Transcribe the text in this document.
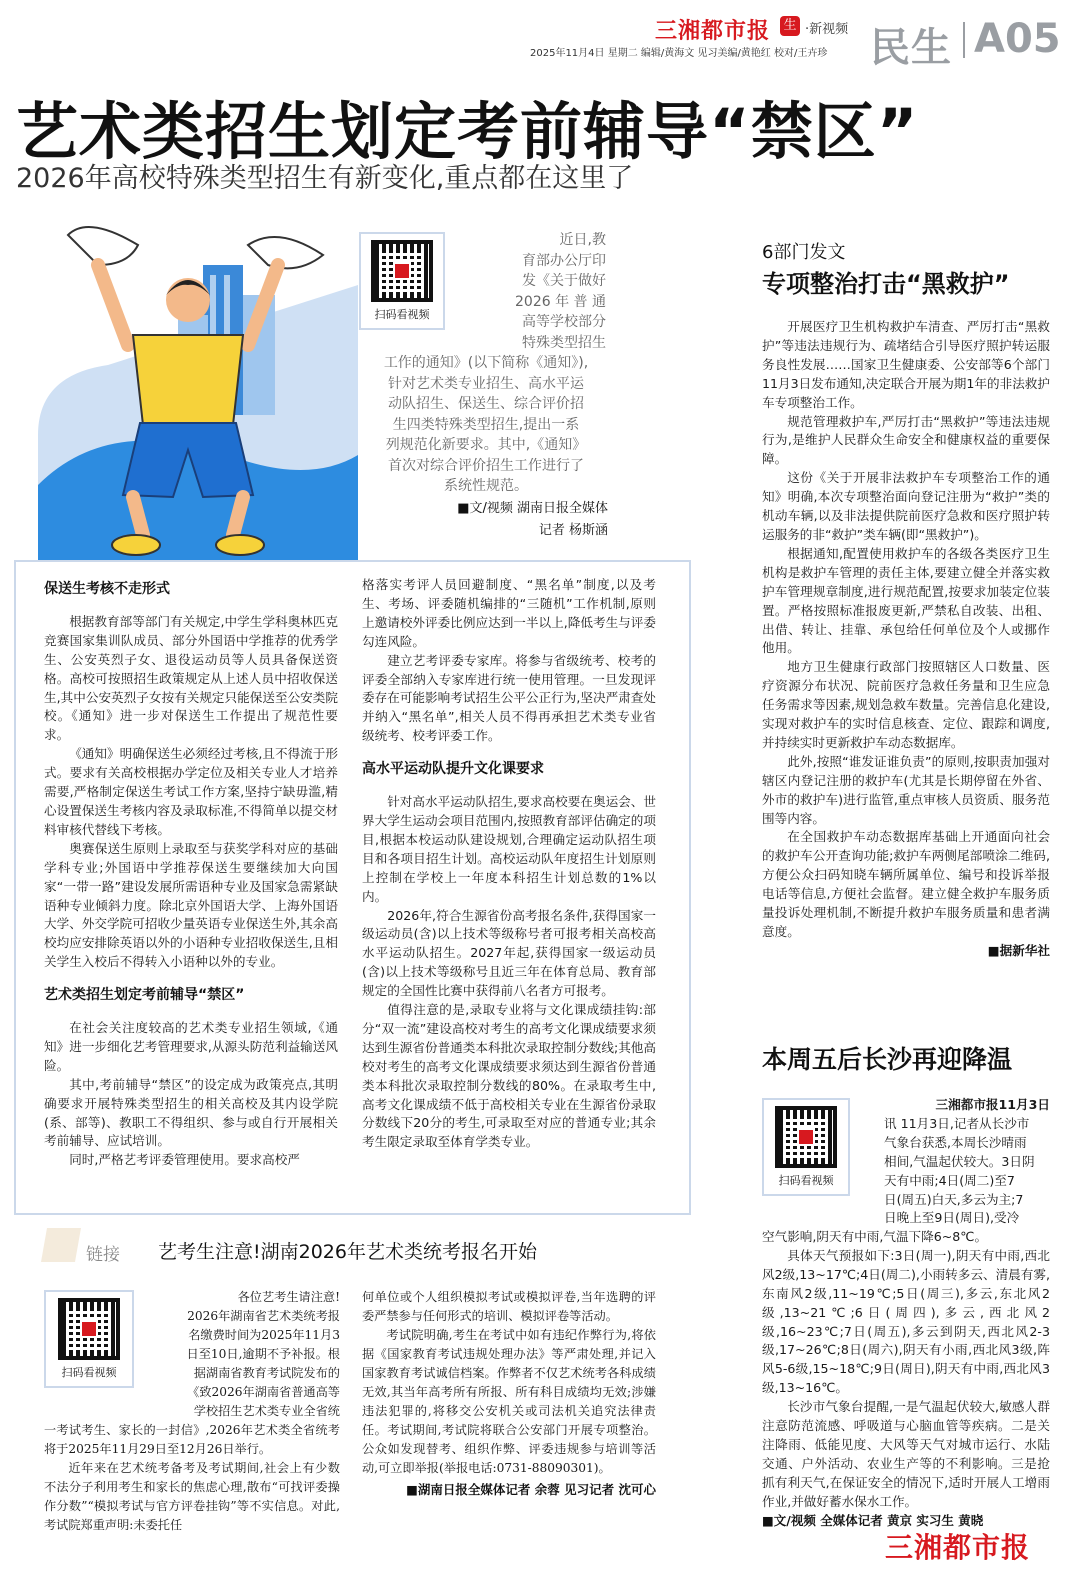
三湘都市报 生 ·新视频
2025年11月4日 星期二 编辑/黄海文 见习美编/黄艳红 校对/王卉珍 民生 A05
艺术类招生划定考前辅导“禁区”
2026年高校特殊类型招生有新变化,重点都在这里了
扫码看视频
近日,教
育部办公厅印
发《关于做好
2026 年 普 通
高等学校部分
特殊类型招生
工作的通知》(以下简称《通知》),
针对艺术类专业招生、高水平运
动队招生、保送生、综合评价招
生四类特殊类型招生,提出一系
列规范化新要求。其中,《通知》
首次对综合评价招生工作进行了
系统性规范。
■文/视频 湖南日报全媒体
记者 杨斯涵
保送生考核不走形式

根据教育部等部门有关规定,中学生学科奥林匹克竞赛国家集训队成员、部分外国语中学推荐的优秀学生、公安英烈子女、退役运动员等人员具备保送资格。高校可按照招生政策规定从上述人员中招收保送生,其中公安英烈子女按有关规定只能保送至公安类院校。《通知》进一步对保送生工作提出了规范性要求。

《通知》明确保送生必须经过考核,且不得流于形式。要求有关高校根据办学定位及相关专业人才培养需要,严格制定保送生考试工作方案,坚持宁缺毋滥,精心设置保送生考核内容及录取标准,不得简单以提交材料审核代替线下考核。

奥赛保送生原则上录取至与获奖学科对应的基础学科专业;外国语中学推荐保送生要继续加大向国家“一带一路”建设发展所需语种专业及国家急需紧缺语种专业倾斜力度。除北京外国语大学、上海外国语大学、外交学院可招收少量英语专业保送生外,其余高校均应安排除英语以外的小语种专业招收保送生,且相关学生入校后不得转入小语种以外的专业。

艺术类招生划定考前辅导“禁区”

在社会关注度较高的艺术类专业招生领域,《通知》进一步细化艺考管理要求,从源头防范利益输送风险。

其中,考前辅导“禁区”的设定成为政策亮点,其明确要求开展特殊类型招生的相关高校及其内设学院(系、部等)、教职工不得组织、参与或自行开展相关考前辅导、应试培训。

同时,严格艺考评委管理使用。要求高校严

格落实考评人员回避制度、“黑名单”制度,以及考生、考场、评委随机编排的“三随机”工作机制,原则上邀请校外评委比例应达到一半以上,降低考生与评委勾连风险。

建立艺考评委专家库。将参与省级统考、校考的评委全部纳入专家库进行统一使用管理。一旦发现评委存在可能影响考试招生公平公正行为,坚决严肃查处并纳入“黑名单”,相关人员不得再承担艺术类专业省级统考、校考评委工作。

高水平运动队提升文化课要求

针对高水平运动队招生,要求高校要在奥运会、世界大学生运动会项目范围内,按照教育部评估确定的项目,根据本校运动队建设规划,合理确定运动队招生项目和各项目招生计划。高校运动队年度招生计划原则上控制在学校上一年度本科招生计划总数的1%以内。

2026年,符合生源省份高考报名条件,获得国家一级运动员(含)以上技术等级称号者可报考相关高校高水平运动队招生。2027年起,获得国家一级运动员(含)以上技术等级称号且近三年在体育总局、教育部规定的全国性比赛中获得前八名者方可报考。

值得注意的是,录取专业将与文化课成绩挂钩:部分“双一流”建设高校对考生的高考文化课成绩要求须达到生源省份普通类本科批次录取控制分数线;其他高校对考生的高考文化课成绩要求须达到生源省份普通类本科批次录取控制分数线的80%。在录取考生中,高考文化课成绩不低于高校相关专业在生源省份录取分数线下20分的考生,可录取至对应的普通专业;其余考生限定录取至体育学类专业。

链接 艺考生注意!湖南2026年艺术类统考报名开始
扫码看视频
各位艺考生请注意!
2026年湖南省艺术类统考报
名缴费时间为2025年11月3
日至10日,逾期不予补报。根
据湖南省教育考试院发布的
《致2026年湖南省普通高等
学校招生艺术类专业全省统

一考试考生、家长的一封信》,2026年艺术类全省统考将于2025年11月29日至12月26日举行。

近年来在艺术统考备考及考试期间,社会上有少数不法分子利用考生和家长的焦虑心理,散布“可找评委操作分数”“模拟考试与官方评卷挂钩”等不实信息。对此,考试院郑重声明:未委托任

何单位或个人组织模拟考试或模拟评卷,当年选聘的评委严禁参与任何形式的培训、模拟评卷等活动。

考试院明确,考生在考试中如有违纪作弊行为,将依据《国家教育考试违规处理办法》等严肃处理,并记入国家教育考试诚信档案。作弊者不仅艺术统考各科成绩无效,其当年高考所有所报、所有科目成绩均无效;涉嫌违法犯罪的,将移交公安机关或司法机关追究法律责任。考试期间,考试院将联合公安部门开展专项整治。公众如发现替考、组织作弊、评委违规参与培训等活动,可立即举报(举报电话:0731-88090301)。

■湖南日报全媒体记者 余蓉 见习记者 沈可心
6部门发文
专项整治打击“黑救护”

开展医疗卫生机构救护车清查、严厉打击“黑救护”等违法违规行为、疏堵结合引导医疗照护转运服务良性发展……国家卫生健康委、公安部等6个部门11月3日发布通知,决定联合开展为期1年的非法救护车专项整治工作。

规范管理救护车,严厉打击“黑救护”等违法违规行为,是维护人民群众生命安全和健康权益的重要保障。

这份《关于开展非法救护车专项整治工作的通知》明确,本次专项整治面向登记注册为“救护”类的机动车辆,以及非法提供院前医疗急救和医疗照护转运服务的非“救护”类车辆(即“黑救护”)。

根据通知,配置使用救护车的各级各类医疗卫生机构是救护车管理的责任主体,要建立健全并落实救护车管理规章制度,进行规范配置,按要求加装定位装置。严格按照标准报废更新,严禁私自改装、出租、出借、转让、挂靠、承包给任何单位及个人或挪作他用。

地方卫生健康行政部门按照辖区人口数量、医疗资源分布状况、院前医疗急救任务量和卫生应急任务需求等因素,规划急救车数量。完善信息化建设,实现对救护车的实时信息核查、定位、跟踪和调度,并持续实时更新救护车动态数据库。

此外,按照“谁发证谁负责”的原则,按职责加强对辖区内登记注册的救护车(尤其是长期停留在外省、外市的救护车)进行监管,重点审核人员资质、服务范围等内容。

在全国救护车动态数据库基础上开通面向社会的救护车公开查询功能;救护车两侧尾部喷涂二维码,方便公众扫码知晓车辆所属单位、编号和投诉举报电话等信息,方便社会监督。建立健全救护车服务质量投诉处理机制,不断提升救护车服务质量和患者满意度。

■据新华社
本周五后长沙再迎降温
扫码看视频
三湘都市报11月3日
讯 11月3日,记者从长沙市
气象台获悉,本周长沙晴雨
相间,气温起伏较大。3日阴
天有中雨;4日(周二)至7
日(周五)白天,多云为主;7
日晚上至9日(周日),受冷

空气影响,阴天有中雨,气温下降6~8℃。

具体天气预报如下:3日(周一),阴天有中雨,西北风2级,13~17℃;4日(周二),小雨转多云、清晨有雾,东南风2级,11~19℃;5日(周三),多云,东北风2级,13~21℃;6日(周四),多云,西北风2级,16~23℃;7日(周五),多云到阴天,西北风2-3级,17~26℃;8日(周六),阴天有小雨,西北风3级,阵风5-6级,15~18℃;9日(周日),阴天有中雨,西北风3级,13~16℃。

长沙市气象台提醒,一是气温起伏较大,敏感人群注意防范流感、呼吸道与心脑血管等疾病。二是关注降雨、低能见度、大风等天气对城市运行、水陆交通、户外活动、农业生产等的不利影响。三是抢抓有利天气,在保证安全的情况下,适时开展人工增雨作业,并做好蓄水保水工作。

■文/视频 全媒体记者 黄京 实习生 黄晓
三湘都市报
